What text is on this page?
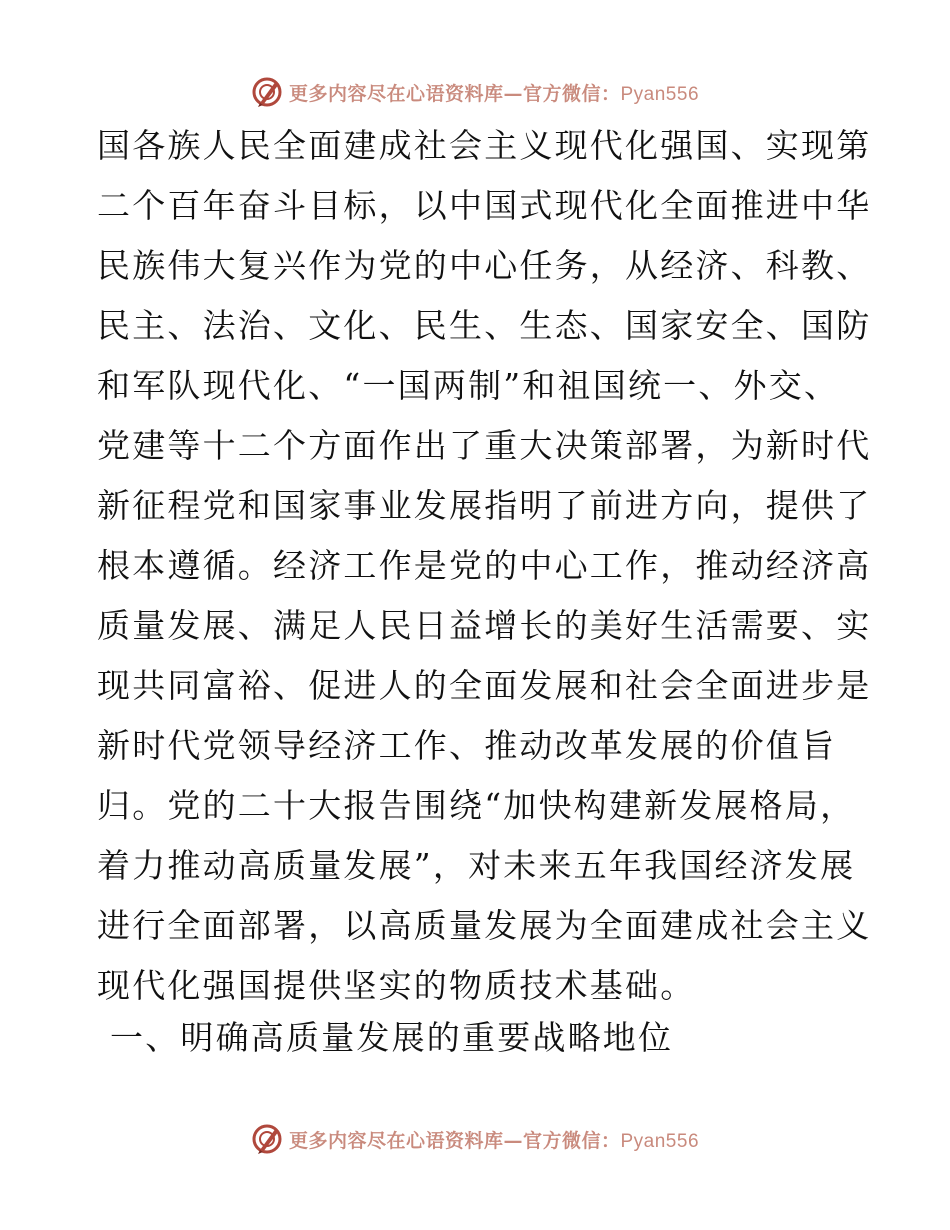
更多内容尽在心语资料库—官方微信：Pyan556
国各族人民全面建成社会主义现代化强国、实现第
二个百年奋斗目标，以中国式现代化全面推进中华
民族伟大复兴作为党的中心任务，从经济、科教、
民主、法治、文化、民生、生态、国家安全、国防
和军队现代化、“一国两制”和祖国统一、外交、
党建等十二个方面作出了重大决策部署，为新时代
新征程党和国家事业发展指明了前进方向，提供了
根本遵循。经济工作是党的中心工作，推动经济高
质量发展、满足人民日益增长的美好生活需要、实
现共同富裕、促进人的全面发展和社会全面进步是
新时代党领导经济工作、推动改革发展的价值旨
归。党的二十大报告围绕“加快构建新发展格局，
着力推动高质量发展”，对未来五年我国经济发展
进行全面部署，以高质量发展为全面建成社会主义
现代化强国提供坚实的物质技术基础。
一、明确高质量发展的重要战略地位
更多内容尽在心语资料库—官方微信：Pyan556
